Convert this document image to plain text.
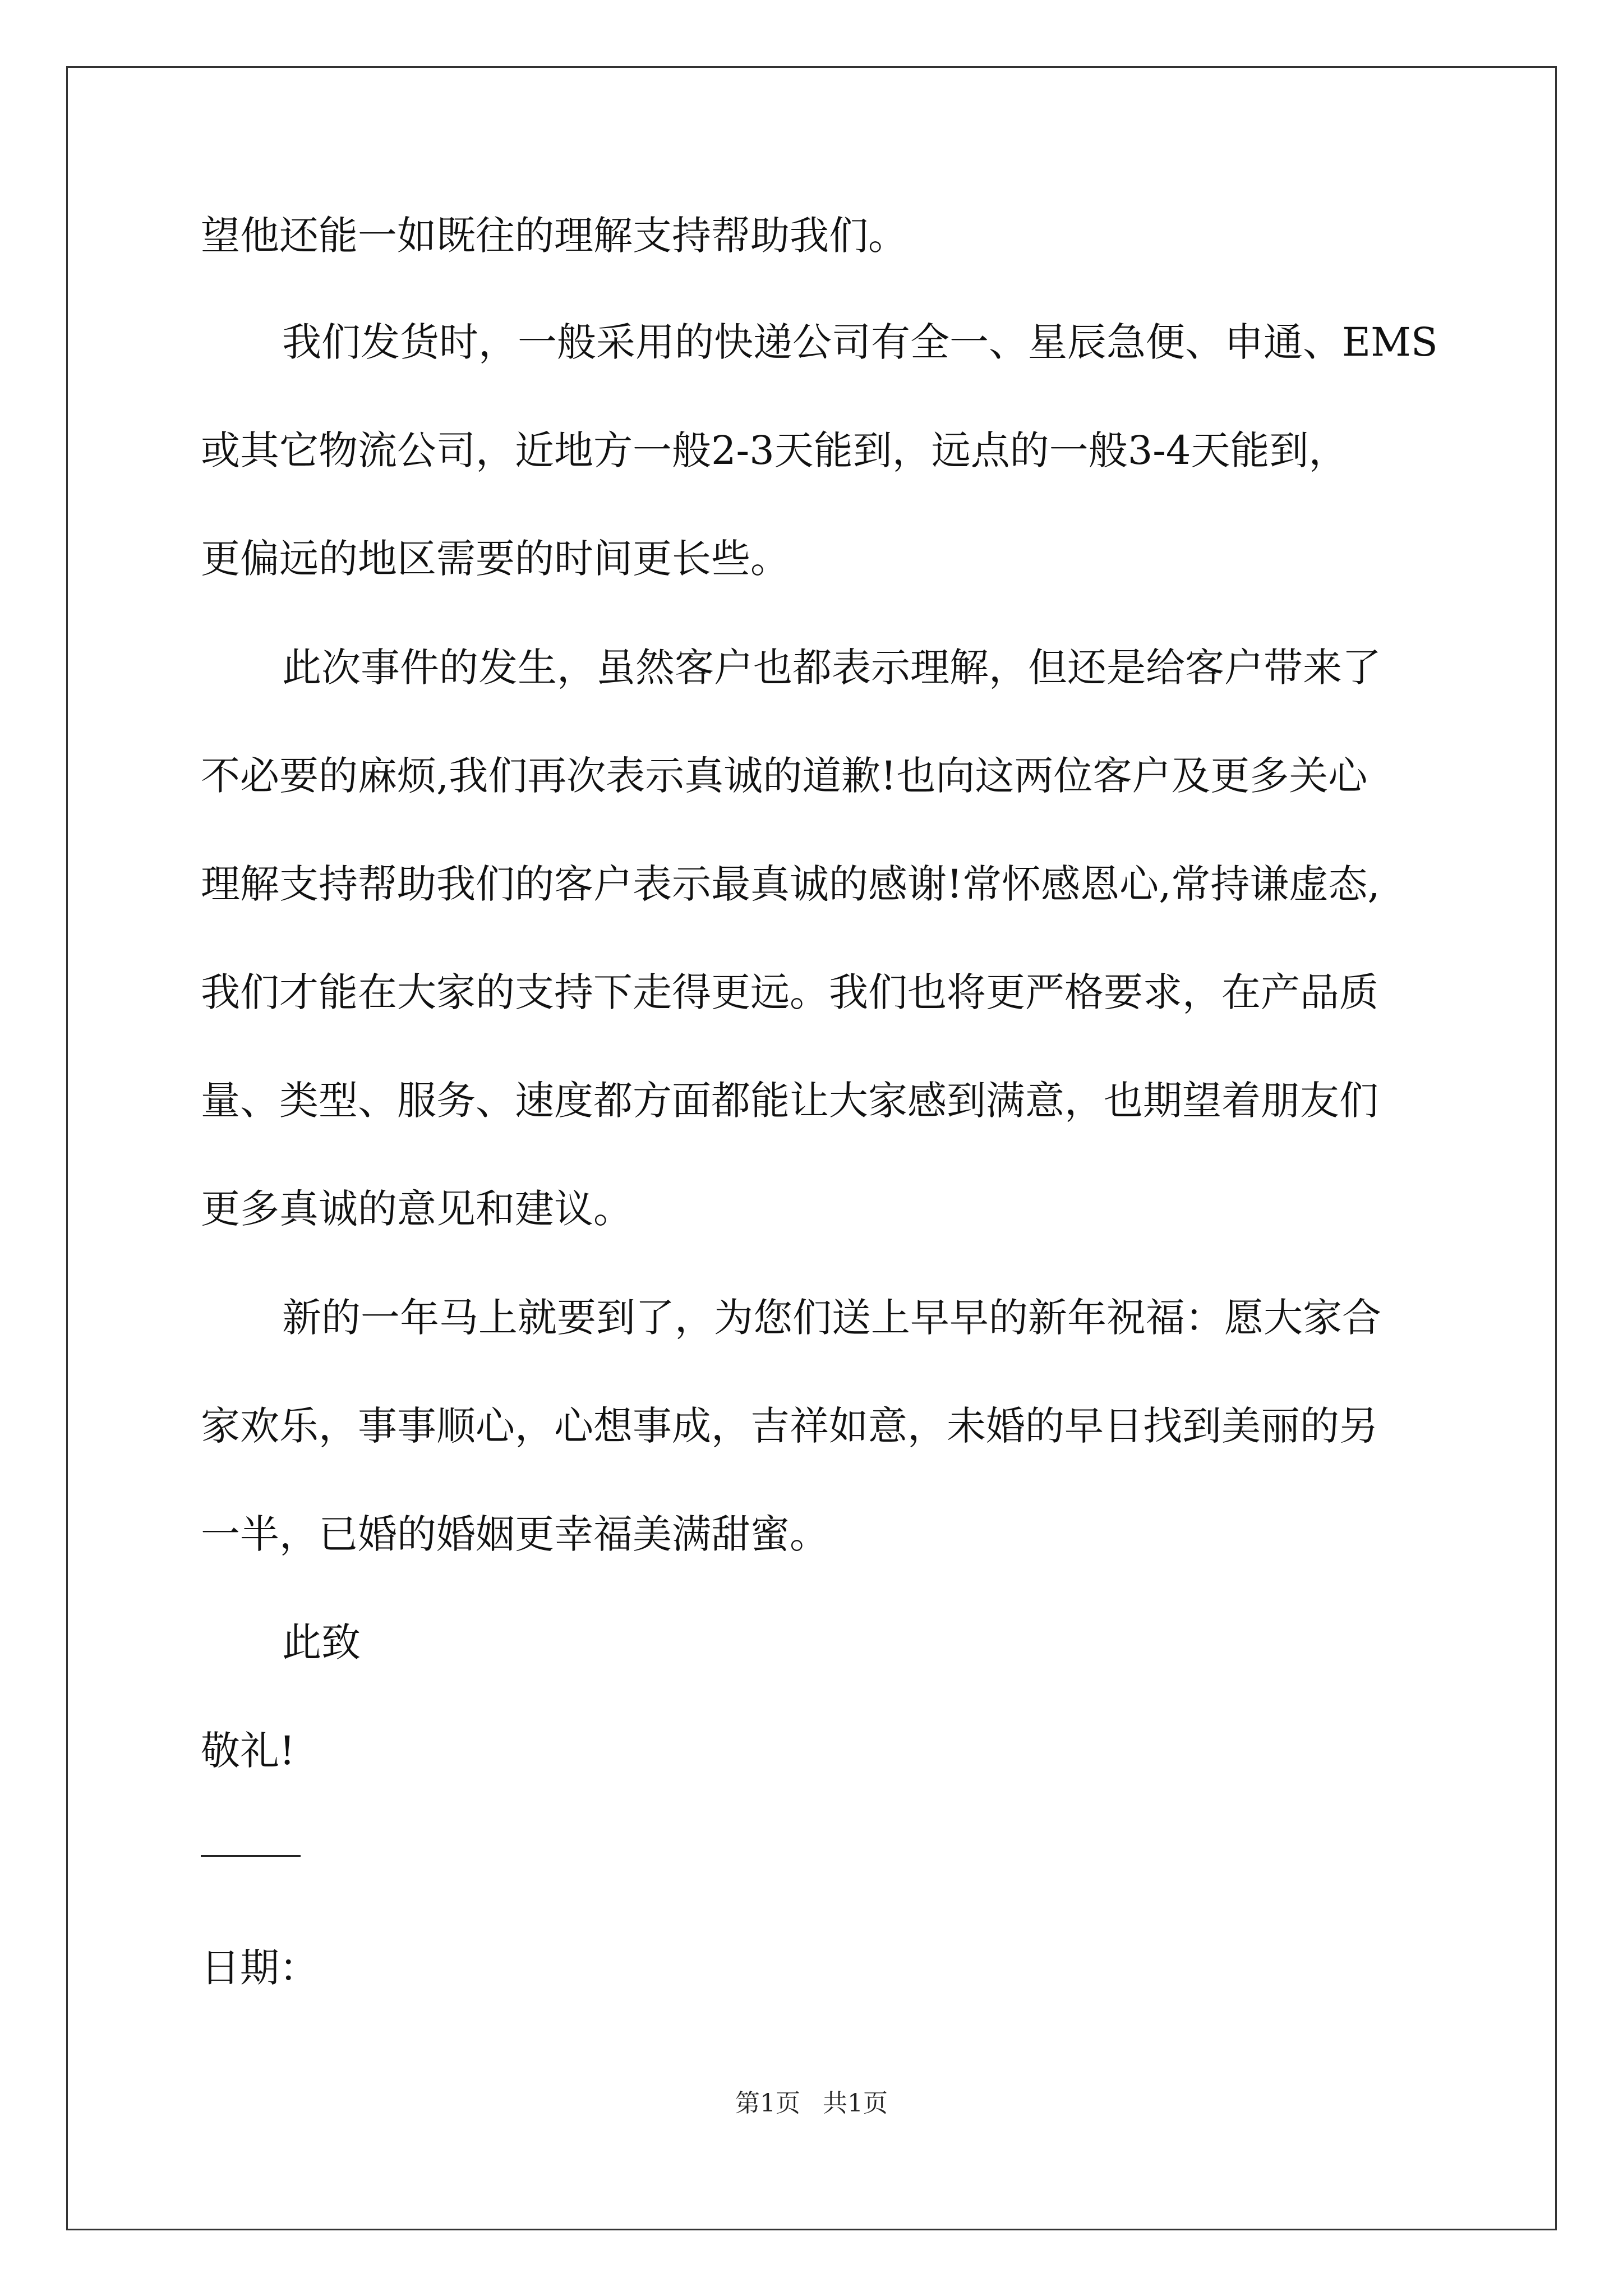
望他还能一如既往的理解支持帮助我们。
我们发货时，一般采用的快递公司有全一、星辰急便、申通、EMS
或其它物流公司，近地方一般2-3天能到，远点的一般3-4天能到，
更偏远的地区需要的时间更长些。
此次事件的发生，虽然客户也都表示理解，但还是给客户带来了
不必要的麻烦,我们再次表示真诚的道歉!也向这两位客户及更多关心
理解支持帮助我们的客户表示最真诚的感谢!常怀感恩心,常持谦虚态,
我们才能在大家的支持下走得更远。我们也将更严格要求，在产品质
量、类型、服务、速度都方面都能让大家感到满意，也期望着朋友们
更多真诚的意见和建议。
新的一年马上就要到了，为您们送上早早的新年祝福：愿大家合
家欢乐，事事顺心，心想事成，吉祥如意，未婚的早日找到美丽的另
一半，已婚的婚姻更幸福美满甜蜜。
此致
敬礼!
日期：
第1页 共1页
